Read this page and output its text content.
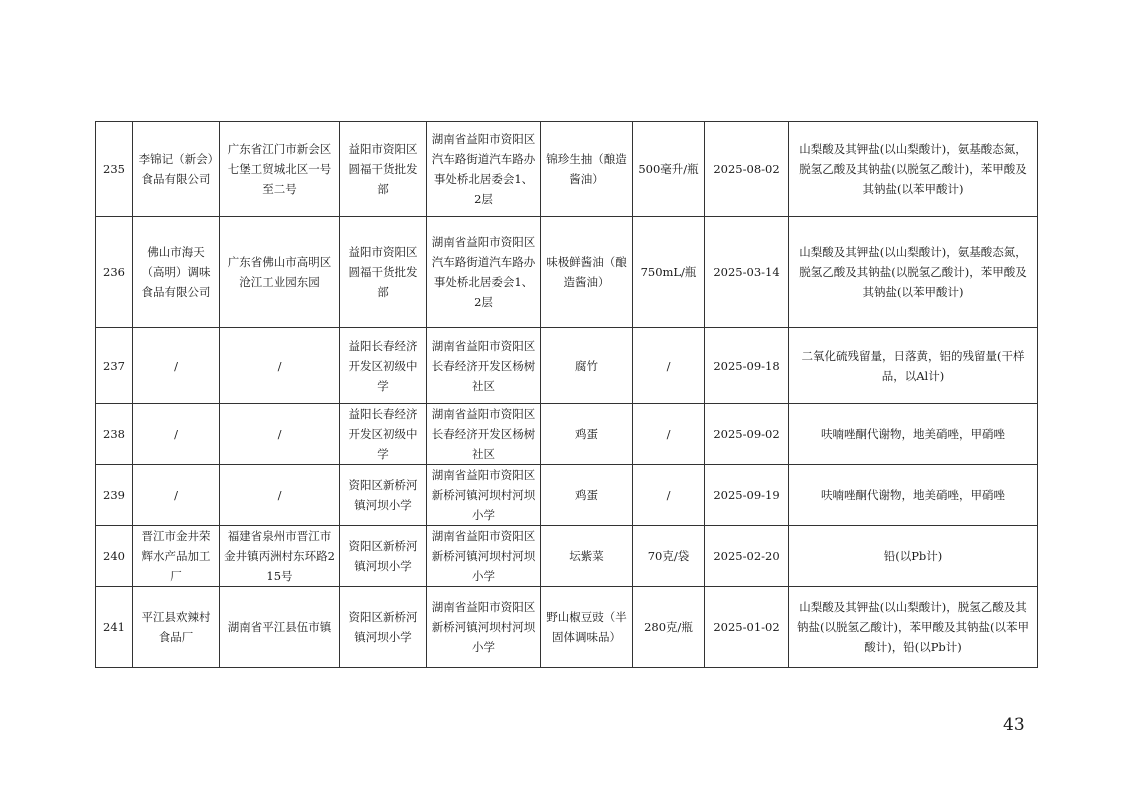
235	李锦记（新会）食品有限公司	广东省江门市新会区七堡工贸城北区一号至二号	益阳市资阳区圆福干货批发部	湖南省益阳市资阳区汽车路街道汽车路办事处桥北居委会1、2层	锦珍生抽（酿造酱油）	500毫升/瓶	2025-08-02	山梨酸及其钾盐(以山梨酸计)，氨基酸态氮，脱氢乙酸及其钠盐(以脱氢乙酸计)，苯甲酸及其钠盐(以苯甲酸计)
236	佛山市海天（高明）调味食品有限公司	广东省佛山市高明区沧江工业园东园	益阳市资阳区圆福干货批发部	湖南省益阳市资阳区汽车路街道汽车路办事处桥北居委会1、2层	味极鲜酱油（酿造酱油）	750mL/瓶	2025-03-14	山梨酸及其钾盐(以山梨酸计)，氨基酸态氮，脱氢乙酸及其钠盐(以脱氢乙酸计)，苯甲酸及其钠盐(以苯甲酸计)
237	/	/	益阳长春经济开发区初级中学	湖南省益阳市资阳区长春经济开发区杨树社区	腐竹	/	2025-09-18	二氧化硫残留量，日落黄，铝的残留量(干样品，以Al计)
238	/	/	益阳长春经济开发区初级中学	湖南省益阳市资阳区长春经济开发区杨树社区	鸡蛋	/	2025-09-02	呋喃唑酮代谢物，地美硝唑，甲硝唑
239	/	/	资阳区新桥河镇河坝小学	湖南省益阳市资阳区新桥河镇河坝村河坝小学	鸡蛋	/	2025-09-19	呋喃唑酮代谢物，地美硝唑，甲硝唑
240	晋江市金井荣辉水产品加工厂	福建省泉州市晋江市金井镇丙洲村东环路215号	资阳区新桥河镇河坝小学	湖南省益阳市资阳区新桥河镇河坝村河坝小学	坛紫菜	70克/袋	2025-02-20	铅(以Pb计)
241	平江县欢辣村食品厂	湖南省平江县伍市镇	资阳区新桥河镇河坝小学	湖南省益阳市资阳区新桥河镇河坝村河坝小学	野山椒豆豉（半固体调味品）	280克/瓶	2025-01-02	山梨酸及其钾盐(以山梨酸计)，脱氢乙酸及其钠盐(以脱氢乙酸计)，苯甲酸及其钠盐(以苯甲酸计)，铅(以Pb计)
43
